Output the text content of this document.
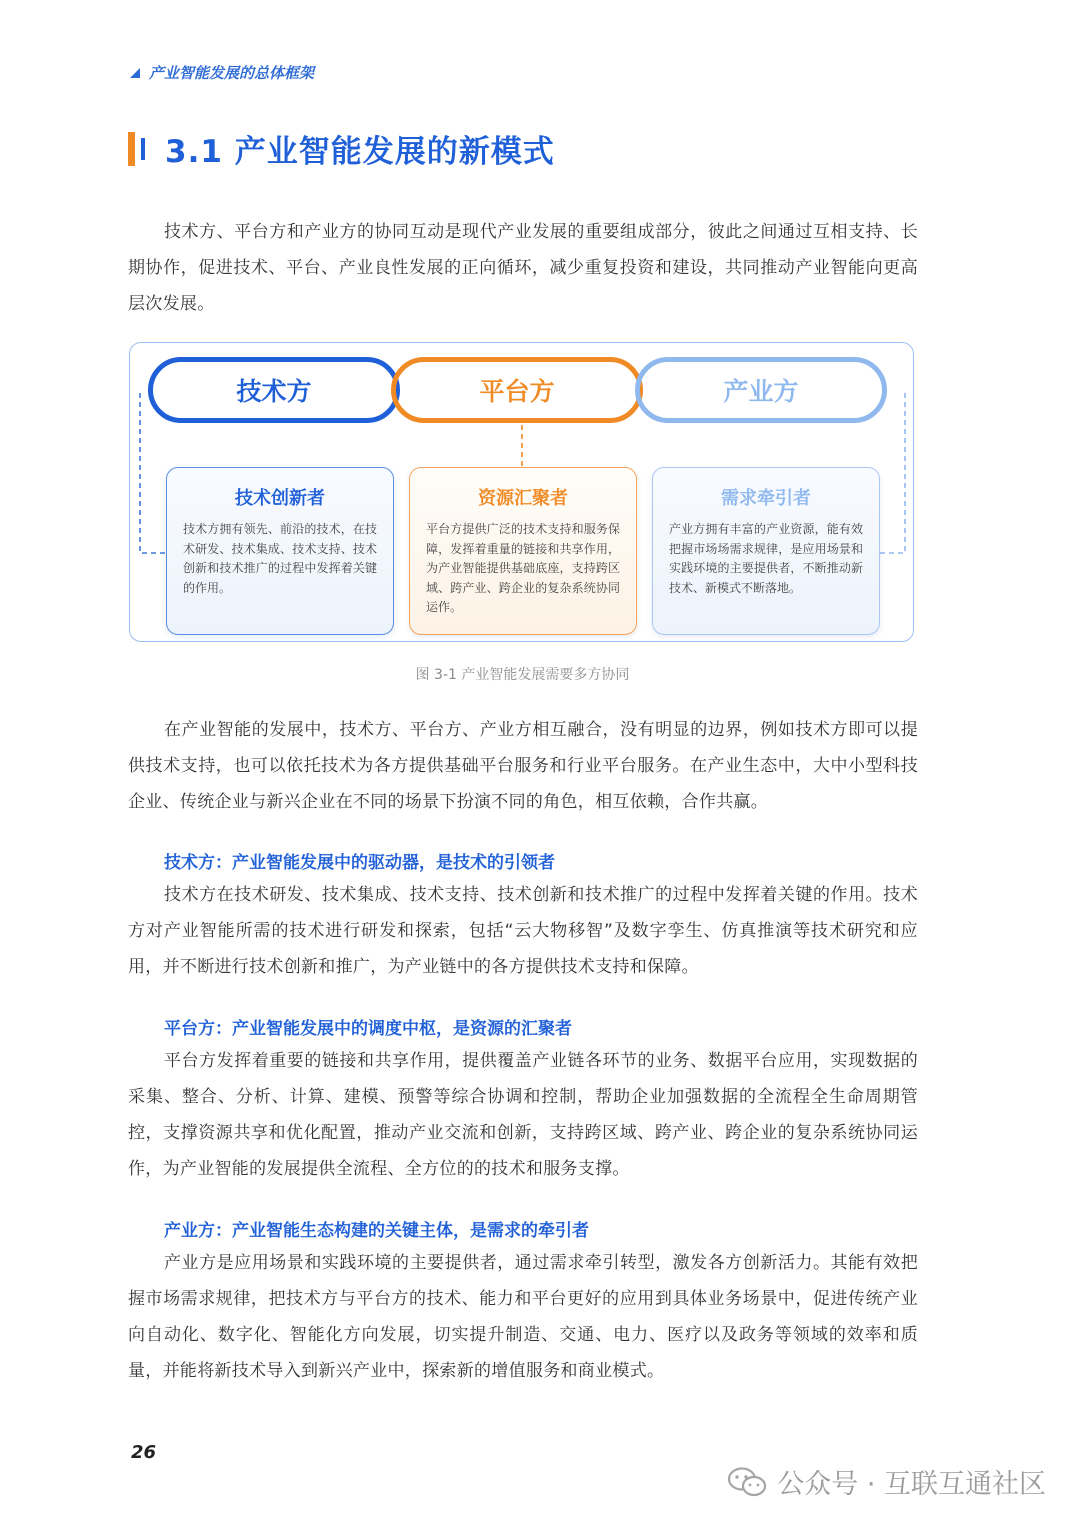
产业智能发展的总体框架
3.1 产业智能发展的新模式

技术方、平台方和产业方的协同互动是现代产业发展的重要组成部分，彼此之间通过互相支持、长期协作，促进技术、平台、产业良性发展的正向循环，减少重复投资和建设，共同推动产业智能向更高层次发展。

技术方	平台方	产业方
技术创新者

技术方拥有领先、前沿的技术，在技术研发、技术集成、技术支持、技术创新和技术推广的过程中发挥着关键的作用。

资源汇聚者

平台方提供广泛的技术支持和服务保障，发挥着重量的链接和共享作用，为产业智能提供基础底座，支持跨区域、跨产业、跨企业的复杂系统协同运作。

需求牵引者

产业方拥有丰富的产业资源，能有效把握市场场需求规律，是应用场景和实践环境的主要提供者，不断推动新技术、新模式不断落地。

图 3-1 产业智能发展需要多方协同

在产业智能的发展中，技术方、平台方、产业方相互融合，没有明显的边界，例如技术方即可以提供技术支持，也可以依托技术为各方提供基础平台服务和行业平台服务。在产业生态中，大中小型科技企业、传统企业与新兴企业在不同的场景下扮演不同的角色，相互依赖，合作共赢。

技术方：产业智能发展中的驱动器，是技术的引领者

技术方在技术研发、技术集成、技术支持、技术创新和技术推广的过程中发挥着关键的作用。技术方对产业智能所需的技术进行研发和探索，包括“云大物移智”及数字孪生、仿真推演等技术研究和应用，并不断进行技术创新和推广，为产业链中的各方提供技术支持和保障。

平台方：产业智能发展中的调度中枢，是资源的汇聚者

平台方发挥着重要的链接和共享作用，提供覆盖产业链各环节的业务、数据平台应用，实现数据的采集、整合、分析、计算、建模、预警等综合协调和控制，帮助企业加强数据的全流程全生命周期管控，支撑资源共享和优化配置，推动产业交流和创新，支持跨区域、跨产业、跨企业的复杂系统协同运作，为产业智能的发展提供全流程、全方位的的技术和服务支撑。

产业方：产业智能生态构建的关键主体，是需求的牵引者

产业方是应用场景和实践环境的主要提供者，通过需求牵引转型，激发各方创新活力。其能有效把握市场需求规律，把技术方与平台方的技术、能力和平台更好的应用到具体业务场景中，促进传统产业向自动化、数字化、智能化方向发展，切实提升制造、交通、电力、医疗以及政务等领域的效率和质量，并能将新技术导入到新兴产业中，探索新的增值服务和商业模式。

26
公众号 · 互联互通社区
